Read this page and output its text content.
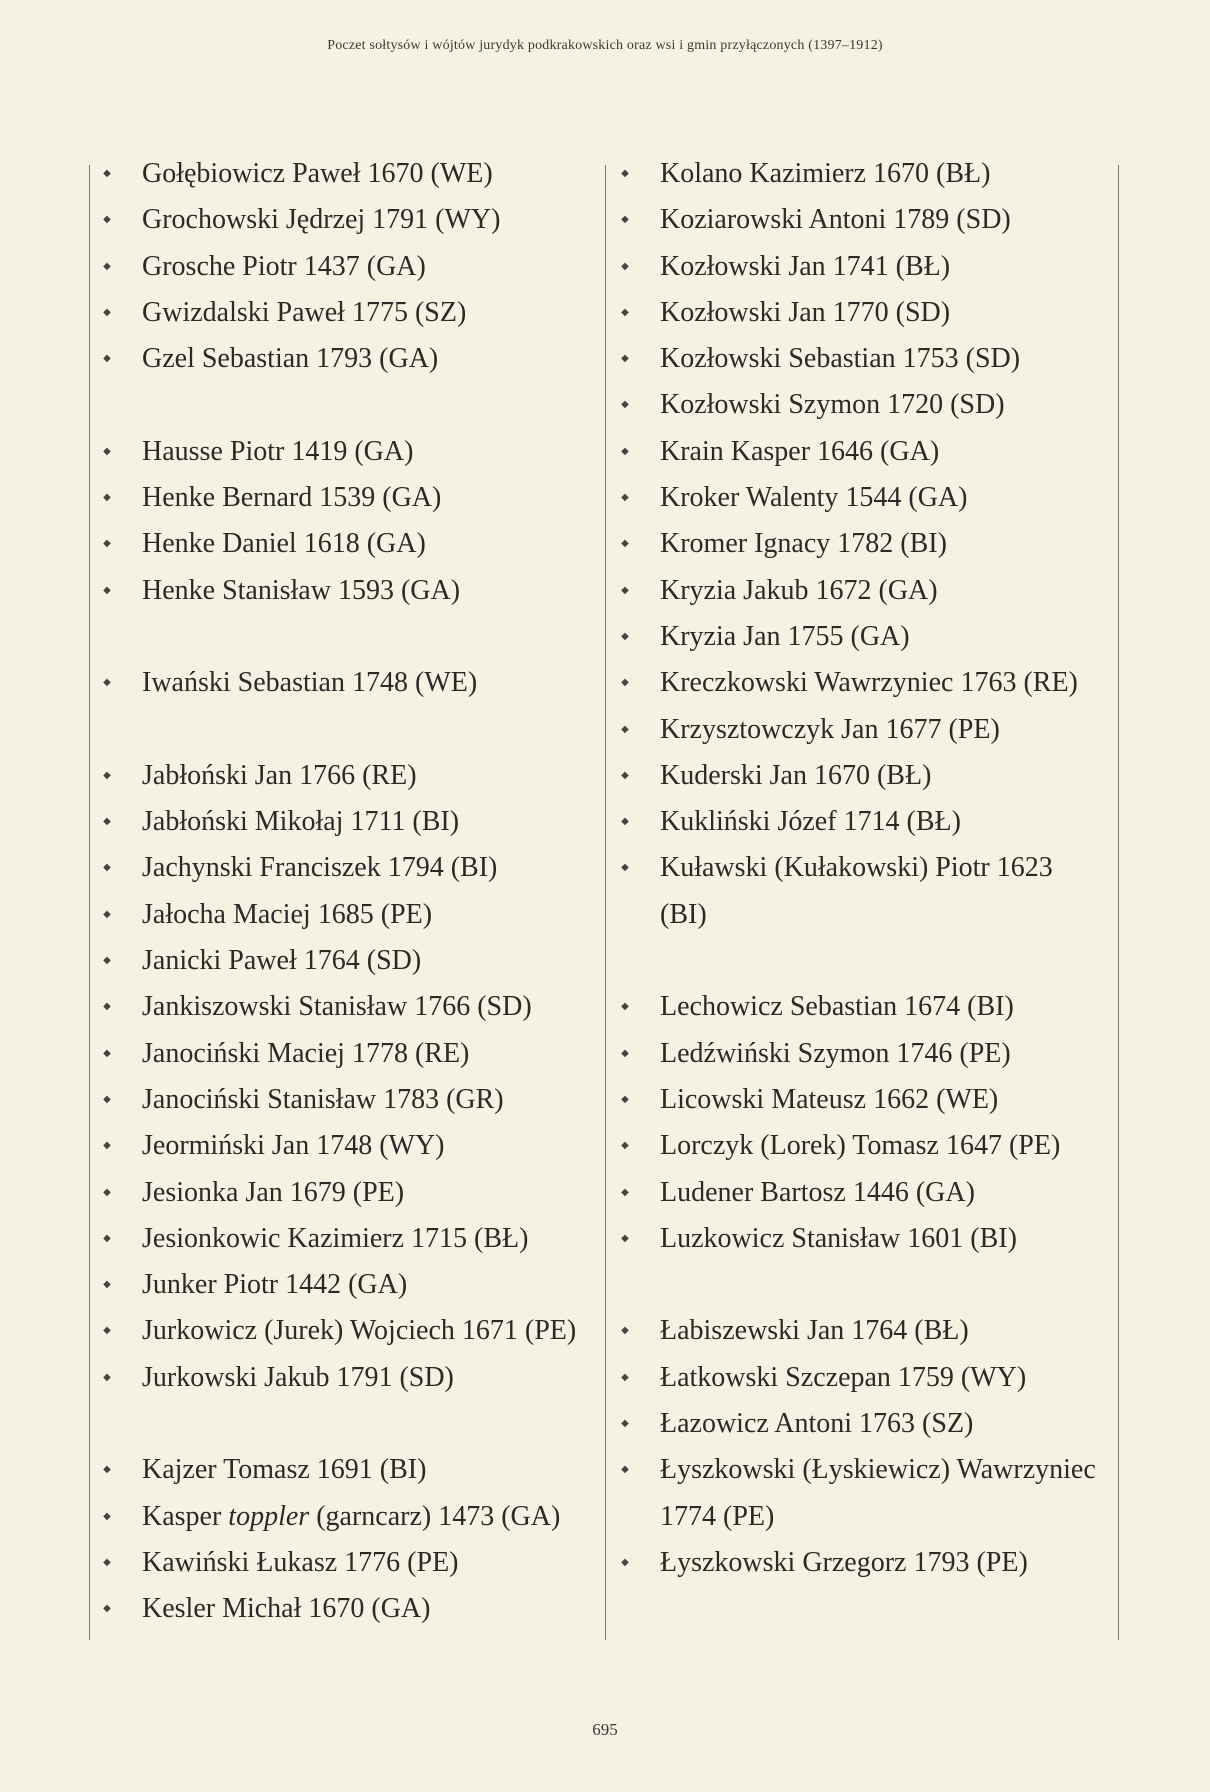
Poczet sołtysów i wójtów jurydyk podkrakowskich oraz wsi i gmin przyłączonych (1397–1912)
◆
Gołębiowicz Paweł 1670 (WE)
◆
Grochowski Jędrzej 1791 (WY)
◆
Grosche Piotr 1437 (GA)
◆
Gwizdalski Paweł 1775 (SZ)
◆
Gzel Sebastian 1793 (GA)
◆
Hausse Piotr 1419 (GA)
◆
Henke Bernard 1539 (GA)
◆
Henke Daniel 1618 (GA)
◆
Henke Stanisław 1593 (GA)
◆
Iwański Sebastian 1748 (WE)
◆
Jabłoński Jan 1766 (RE)
◆
Jabłoński Mikołaj 1711 (BI)
◆
Jachynski Franciszek 1794 (BI)
◆
Jałocha Maciej 1685 (PE)
◆
Janicki Paweł 1764 (SD)
◆
Jankiszowski Stanisław 1766 (SD)
◆
Janociński Maciej 1778 (RE)
◆
Janociński Stanisław 1783 (GR)
◆
Jeormiński Jan 1748 (WY)
◆
Jesionka Jan 1679 (PE)
◆
Jesionkowic Kazimierz 1715 (BŁ)
◆
Junker Piotr 1442 (GA)
◆
Jurkowicz (Jurek) Wojciech 1671 (PE)
◆
Jurkowski Jakub 1791 (SD)
◆
Kajzer Tomasz 1691 (BI)
◆
Kasper toppler (garncarz) 1473 (GA)
◆
Kawiński Łukasz 1776 (PE)
◆
Kesler Michał 1670 (GA)
◆
Kolano Kazimierz 1670 (BŁ)
◆
Koziarowski Antoni 1789 (SD)
◆
Kozłowski Jan 1741 (BŁ)
◆
Kozłowski Jan 1770 (SD)
◆
Kozłowski Sebastian 1753 (SD)
◆
Kozłowski Szymon 1720 (SD)
◆
Krain Kasper 1646 (GA)
◆
Kroker Walenty 1544 (GA)
◆
Kromer Ignacy 1782 (BI)
◆
Kryzia Jakub 1672 (GA)
◆
Kryzia Jan 1755 (GA)
◆
Kreczkowski Wawrzyniec 1763 (RE)
◆
Krzysztowczyk Jan 1677 (PE)
◆
Kuderski Jan 1670 (BŁ)
◆
Kukliński Józef 1714 (BŁ)
◆
Kuławski (Kułakowski) Piotr 1623 (BI)
◆
Lechowicz Sebastian 1674 (BI)
◆
Ledźwiński Szymon 1746 (PE)
◆
Licowski Mateusz 1662 (WE)
◆
Lorczyk (Lorek) Tomasz 1647 (PE)
◆
Ludener Bartosz 1446 (GA)
◆
Luzkowicz Stanisław 1601 (BI)
◆
Łabiszewski Jan 1764 (BŁ)
◆
Łatkowski Szczepan 1759 (WY)
◆
Łazowicz Antoni 1763 (SZ)
◆
Łyszkowski (Łyskiewicz) Wawrzyniec 1774 (PE)
◆
Łyszkowski Grzegorz 1793 (PE)
695
